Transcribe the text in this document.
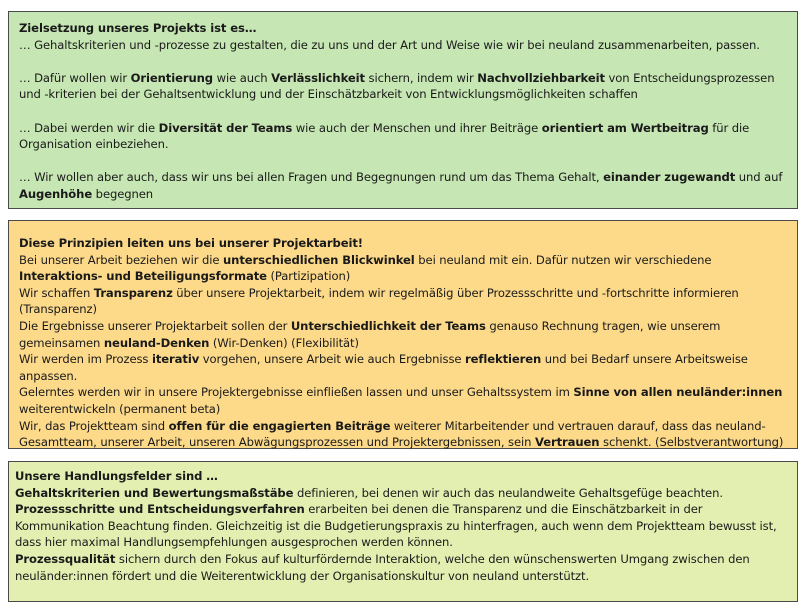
Zielsetzung unseres Projekts ist es…

… Gehaltskriterien und -prozesse zu gestalten, die zu uns und der Art und Weise wie wir bei neuland zusammenarbeiten, passen.

… Dafür wollen wir Orientierung wie auch Verlässlichkeit sichern, indem wir Nachvollziehbarkeit von Entscheidungsprozessen und -kriterien bei der Gehaltsentwicklung und der Einschätzbarkeit von Entwicklungsmöglichkeiten schaffen

… Dabei werden wir die Diversität der Teams wie auch der Menschen und ihrer Beiträge orientiert am Wertbeitrag für die Organisation einbeziehen.

… Wir wollen aber auch, dass wir uns bei allen Fragen und Begegnungen rund um das Thema Gehalt, einander zugewandt und auf Augenhöhe begegnen

Diese Prinzipien leiten uns bei unserer Projektarbeit!

Bei unserer Arbeit beziehen wir die unterschiedlichen Blickwinkel bei neuland mit ein. Dafür nutzen wir verschiedene Interaktions- und Beteiligungsformate (Partizipation)

Wir schaffen Transparenz über unsere Projektarbeit, indem wir regelmäßig über Prozessschritte und -fortschritte informieren (Transparenz)

Die Ergebnisse unserer Projektarbeit sollen der Unterschiedlichkeit der Teams genauso Rechnung tragen, wie unserem gemeinsamen neuland-Denken (Wir-Denken) (Flexibilität)

Wir werden im Prozess iterativ vorgehen, unsere Arbeit wie auch Ergebnisse reflektieren und bei Bedarf unsere Arbeitsweise anpassen.

Gelerntes werden wir in unsere Projektergebnisse einfließen lassen und unser Gehaltssystem im Sinne von allen neuländer:innen weiterentwickeln (permanent beta)

Wir, das Projektteam sind offen für die engagierten Beiträge weiterer Mitarbeitender und vertrauen darauf, dass das neuland-Gesamtteam, unserer Arbeit, unseren Abwägungsprozessen und Projektergebnissen, sein Vertrauen schenkt. (Selbstverantwortung)

Unsere Handlungsfelder sind …

Gehaltskriterien und Bewertungsmaßstäbe definieren, bei denen wir auch das neulandweite Gehaltsgefüge beachten.

Prozessschritte und Entscheidungsverfahren erarbeiten bei denen die Transparenz und die Einschätzbarkeit in der Kommunikation Beachtung finden. Gleichzeitig ist die Budgetierungspraxis zu hinterfragen, auch wenn dem Projektteam bewusst ist, dass hier maximal Handlungsempfehlungen ausgesprochen werden können.

Prozessqualität sichern durch den Fokus auf kulturfördernde Interaktion, welche den wünschenswerten Umgang zwischen den neuländer:innen fördert und die Weiterentwicklung der Organisationskultur von neuland unterstützt.
